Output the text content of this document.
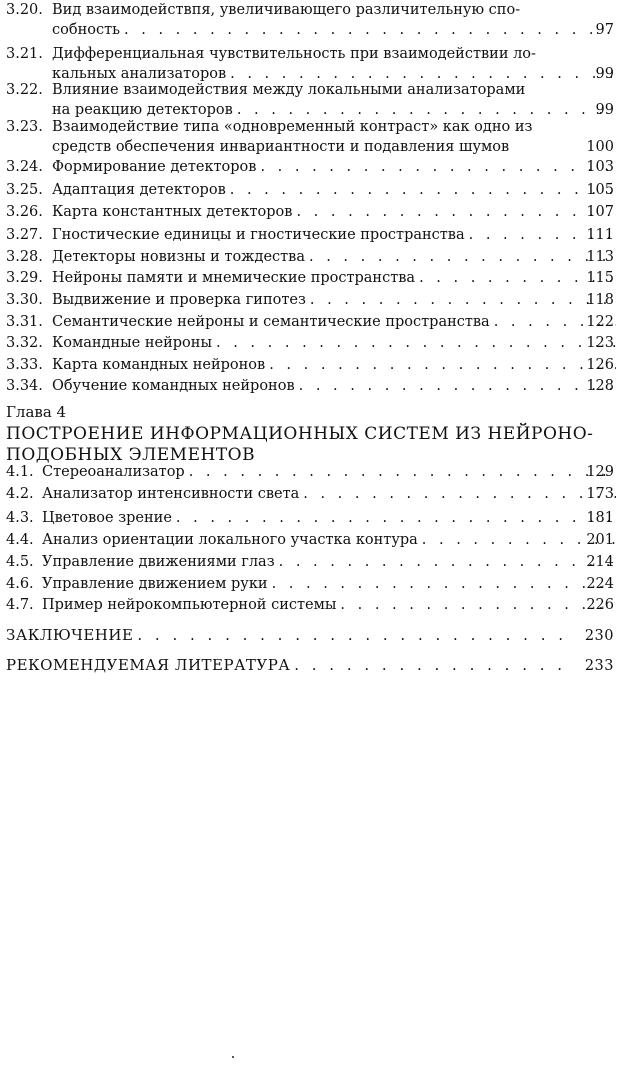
3.20. Вид взаимодействпя, увеличивающего различительную спо-
собность . . .	97
3.21. Дифференциальная чувствительность при взаимодействии ло-
кальных анализаторов . . .	99
3.22. Влияние взаимодействия между локальными анализаторами
на реакцию детекторов . . .	99
3.23. Взаимодействие типа «одновременный контраст» как одно из
средств обеспечения инвариантности и подавления шумов	100
3.24. Формирование детекторов . . .	103
3.25. Адаптация детекторов . . .	105
3.26. Карта константных детекторов . . .	107
3.27. Гностические единицы и гностические пространства . . .	111
3.28. Детекторы новизны и тождества . . .	113
3.29. Нейроны памяти и мнемические пространства . . .	115
3.30. Выдвижение и проверка гипотез . . .	118
3.31. Семантические нейроны и семантические пространства . . .	122
3.32. Командные нейроны . . .	123
3.33. Карта командных нейронов . . .	126
3.34. Обучение командных нейронов . . .	128
Глава 4
ПОСТРОЕНИЕ ИНФОРМАЦИОННЫХ СИСТЕМ ИЗ НЕЙРОНО-
ПОДОБНЫХ ЭЛЕМЕНТОВ
4.1. Стереоанализатор . . .	129
4.2. Анализатор интенсивности света . . .	173
4.3. Цветовое зрение . . .	181
4.4. Анализ ориентации локального участка контура . . .	201
4.5. Управление движениями глаз . . .	214
4.6. Управление движением руки . . .	224
4.7. Пример нейрокомпьютерной системы . . .	226
ЗАКЛЮЧЕНИЕ . . .	230
РЕКОМЕНДУЕМАЯ ЛИТЕРАТУРА . . .	233
